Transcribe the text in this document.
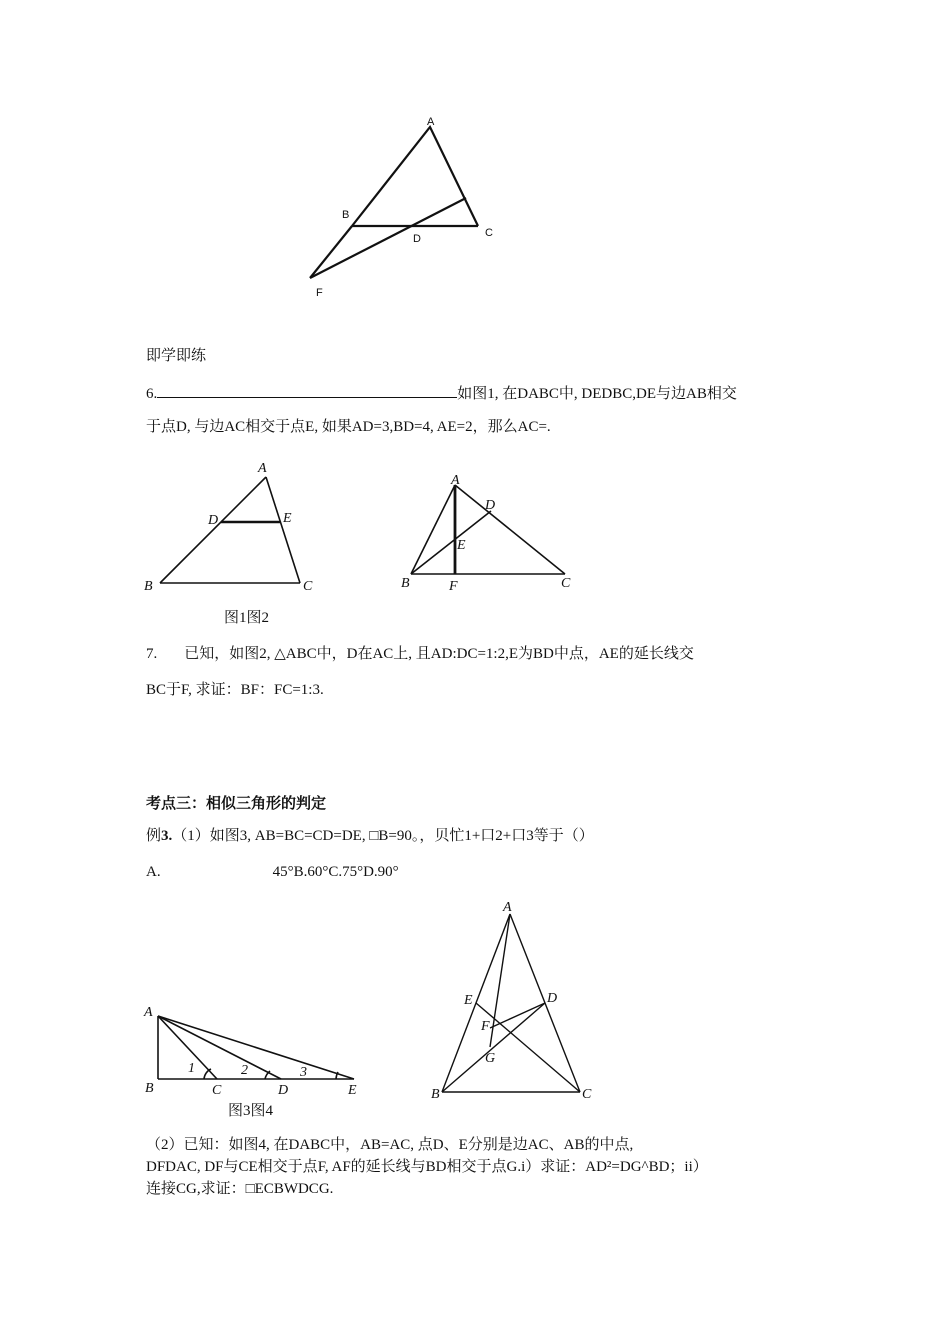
A
B
C
D
F
即学即练
6.	如图1, 在DABC中, DEDBC,DE与边AB相交
于点D, 与边AC相交于点E, 如果AD=3,BD=4, AE=2，那么AC=.
A
B	C
D	E
A
B	C
D
E
F
图1图2
7. 已知，如图2, △ABC中，D在AC上, 且AD:DC=1:2,E为BD中点，AE的延长线交
BC于F, 求证：BF：FC=1:3.
考点三：相似三角形的判定
例3.（1）如图3, AB=BC=CD=DE, □B=90。，贝忙1+口2+口3等于（）
A.	45°B.60°C.75°D.90°
A
B	C	D	E
1	2	3
A
B	C
D
E
F
G
图3图4
（2）已知：如图4, 在DABC中，AB=AC, 点D、E分别是边AC、AB的中点,
DFDAC, DF与CE相交于点F, AF的延长线与BD相交于点G.i）求证：AD²=DG^BD；ii）
连接CG,求证：□ECBWDCG.
